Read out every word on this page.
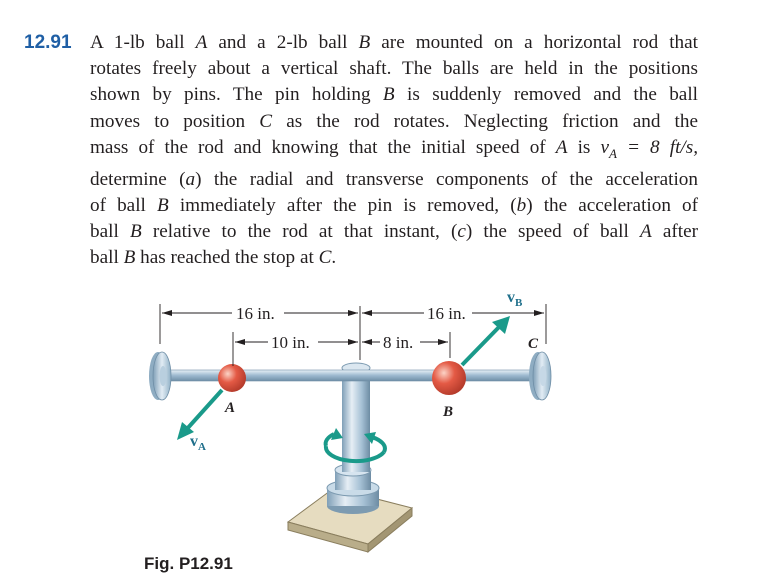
12.91 A 1-lb ball A and a 2-lb ball B are mounted on a horizontal rod that
rotates freely about a vertical shaft. The balls are held in the positions
shown by pins. The pin holding B is suddenly removed and the ball
moves to position C as the rod rotates. Neglecting friction and the
mass of the rod and knowing that the initial speed of A is $v_A = 8$ ft/s,
determine (a) the radial and transverse components of the acceleration
of ball B immediately after the pin is removed, (b) the acceleration of
ball B relative to the rod at that instant, (c) the speed of ball A after
ball B has reached the stop at C.
16 in.	16 in.
10 in.	8 in.
A	B
C
$v_A$
$v_B$
Fig. P12.91
